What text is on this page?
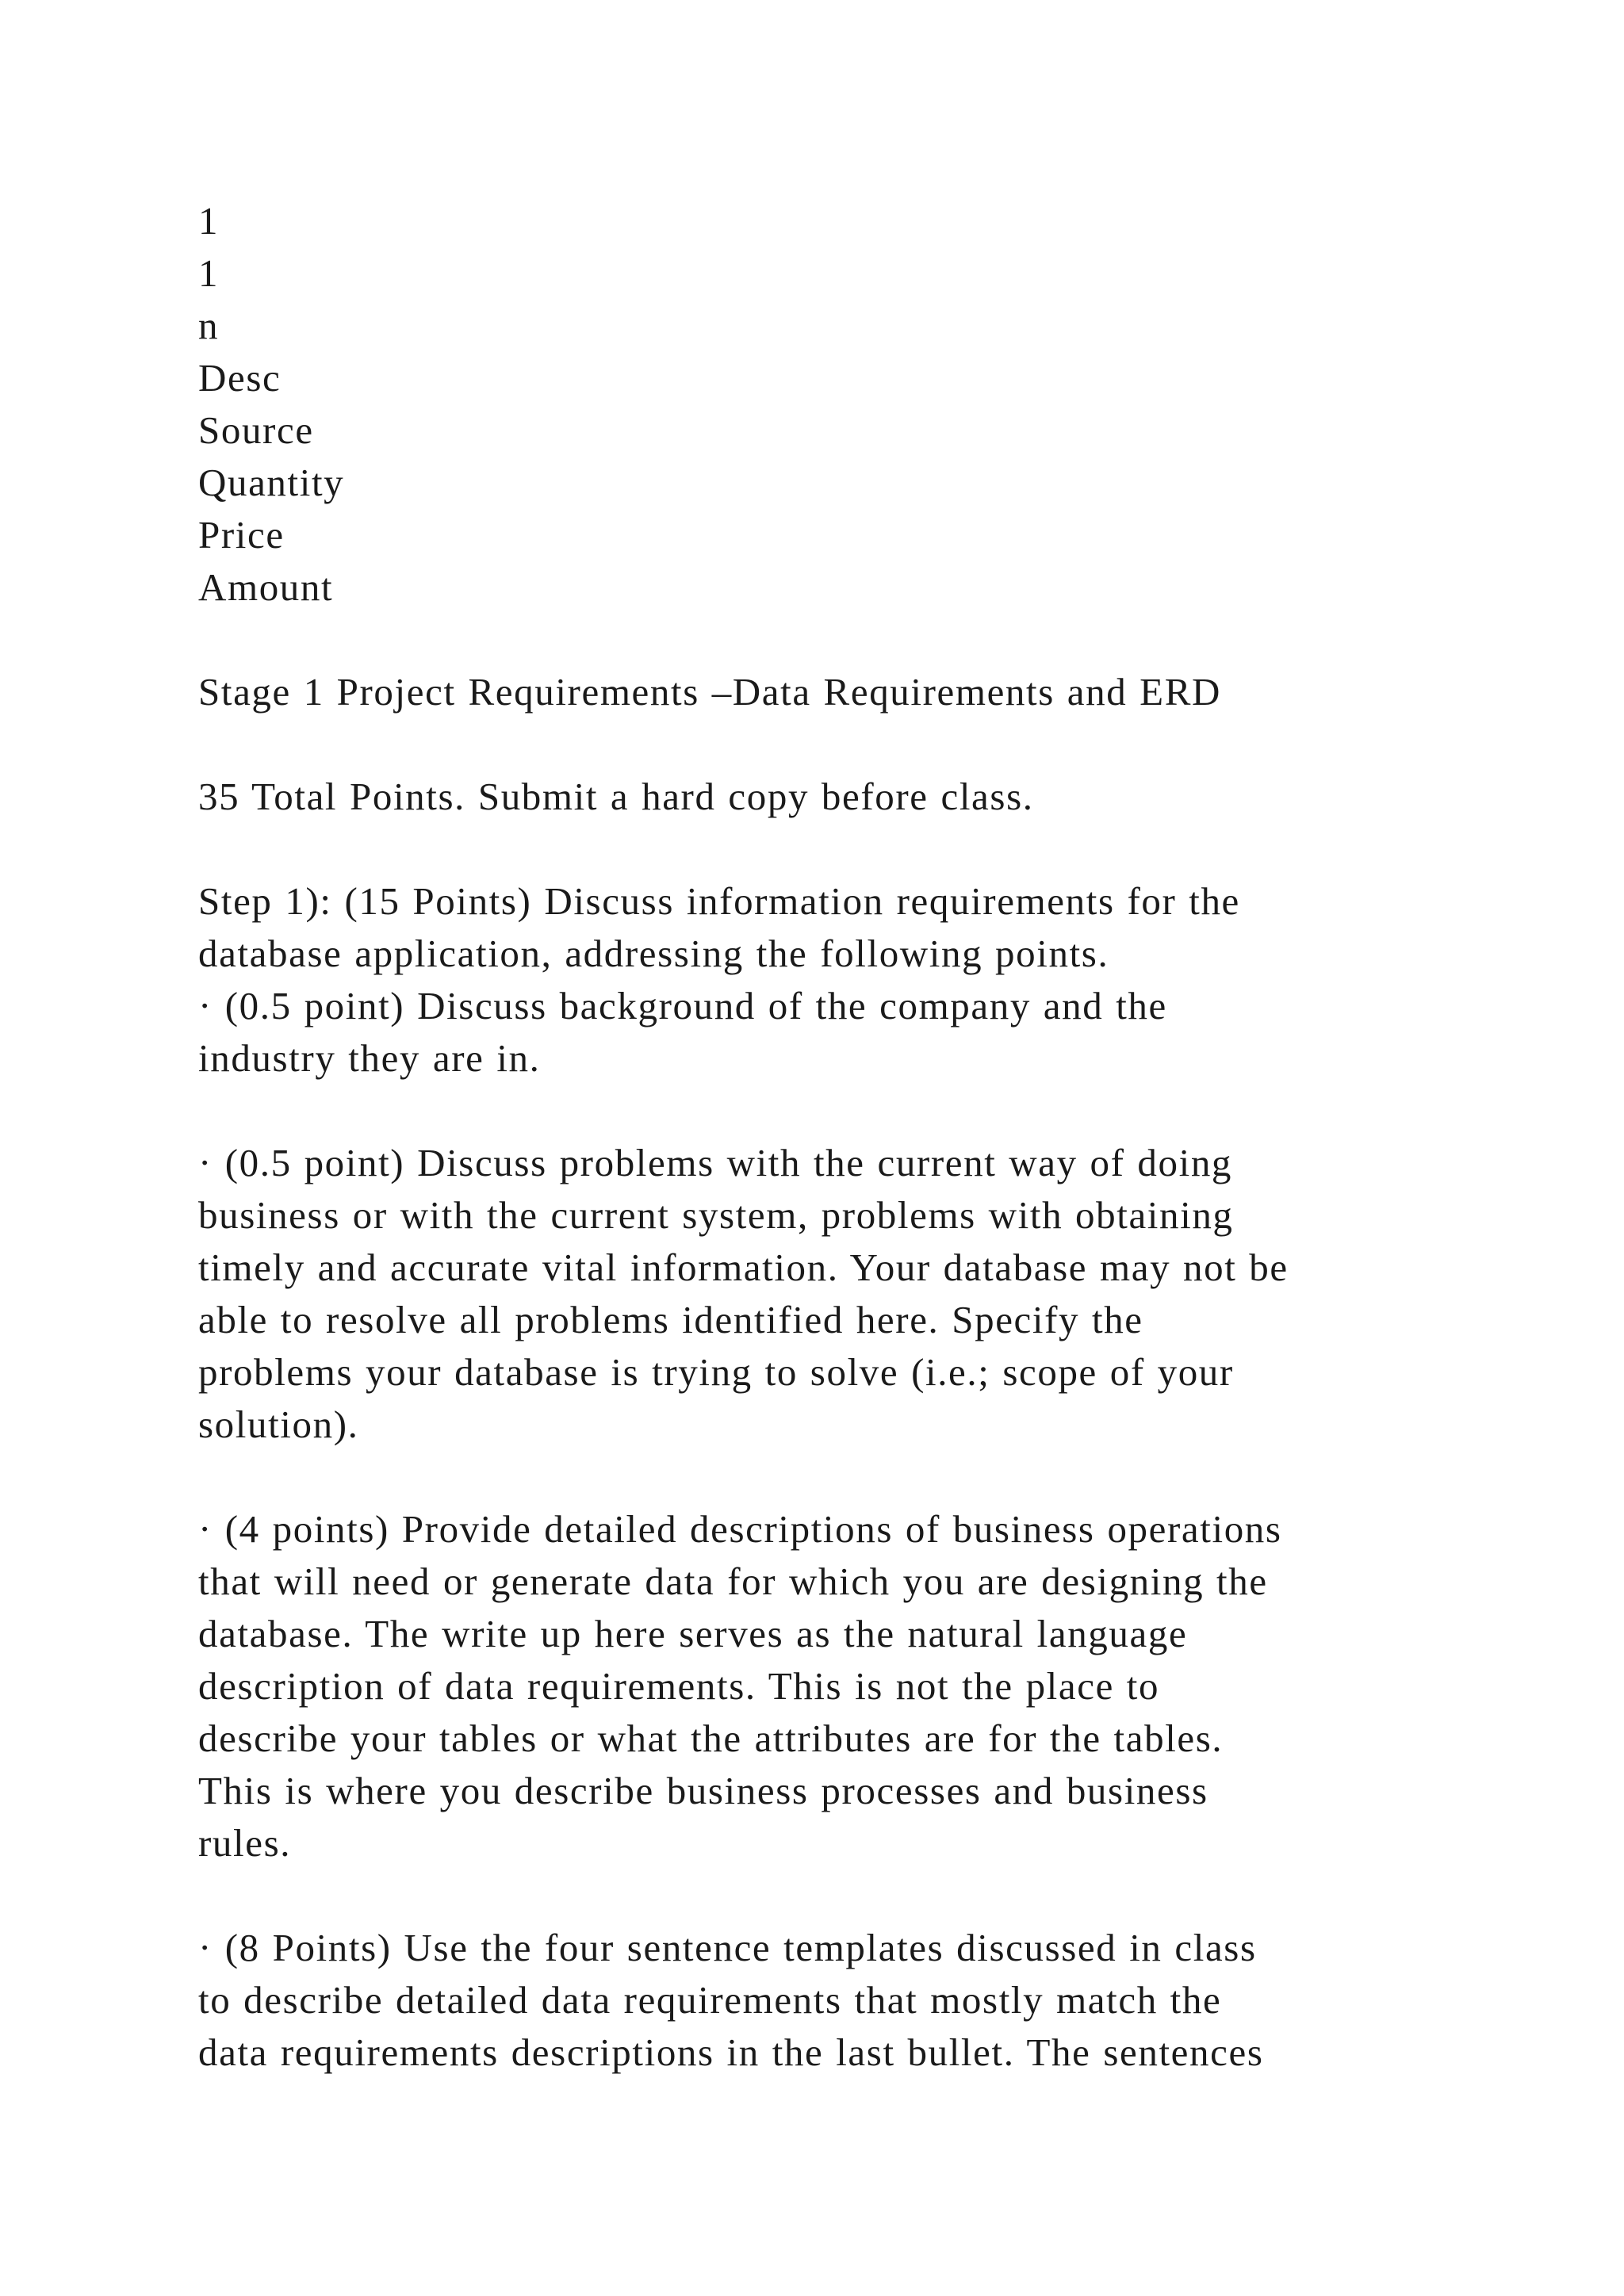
1
1
n
Desc
Source
Quantity
Price
Amount
Stage 1 Project Requirements –Data Requirements and ERD
35 Total Points. Submit a hard copy before class.
Step 1): (15 Points) Discuss information requirements for the
database application, addressing the following points.
· (0.5 point) Discuss background of the company and the
industry they are in.
· (0.5 point) Discuss problems with the current way of doing
business or with the current system, problems with obtaining
timely and accurate vital information. Your database may not be
able to resolve all problems identified here. Specify the
problems your database is trying to solve (i.e.; scope of your
solution).
· (4 points) Provide detailed descriptions of business operations
that will need or generate data for which you are designing the
database. The write up here serves as the natural language
description of data requirements. This is not the place to
describe your tables or what the attributes are for the tables.
This is where you describe business processes and business
rules.
· (8 Points) Use the four sentence templates discussed in class
to describe detailed data requirements that mostly match the
data requirements descriptions in the last bullet. The sentences
